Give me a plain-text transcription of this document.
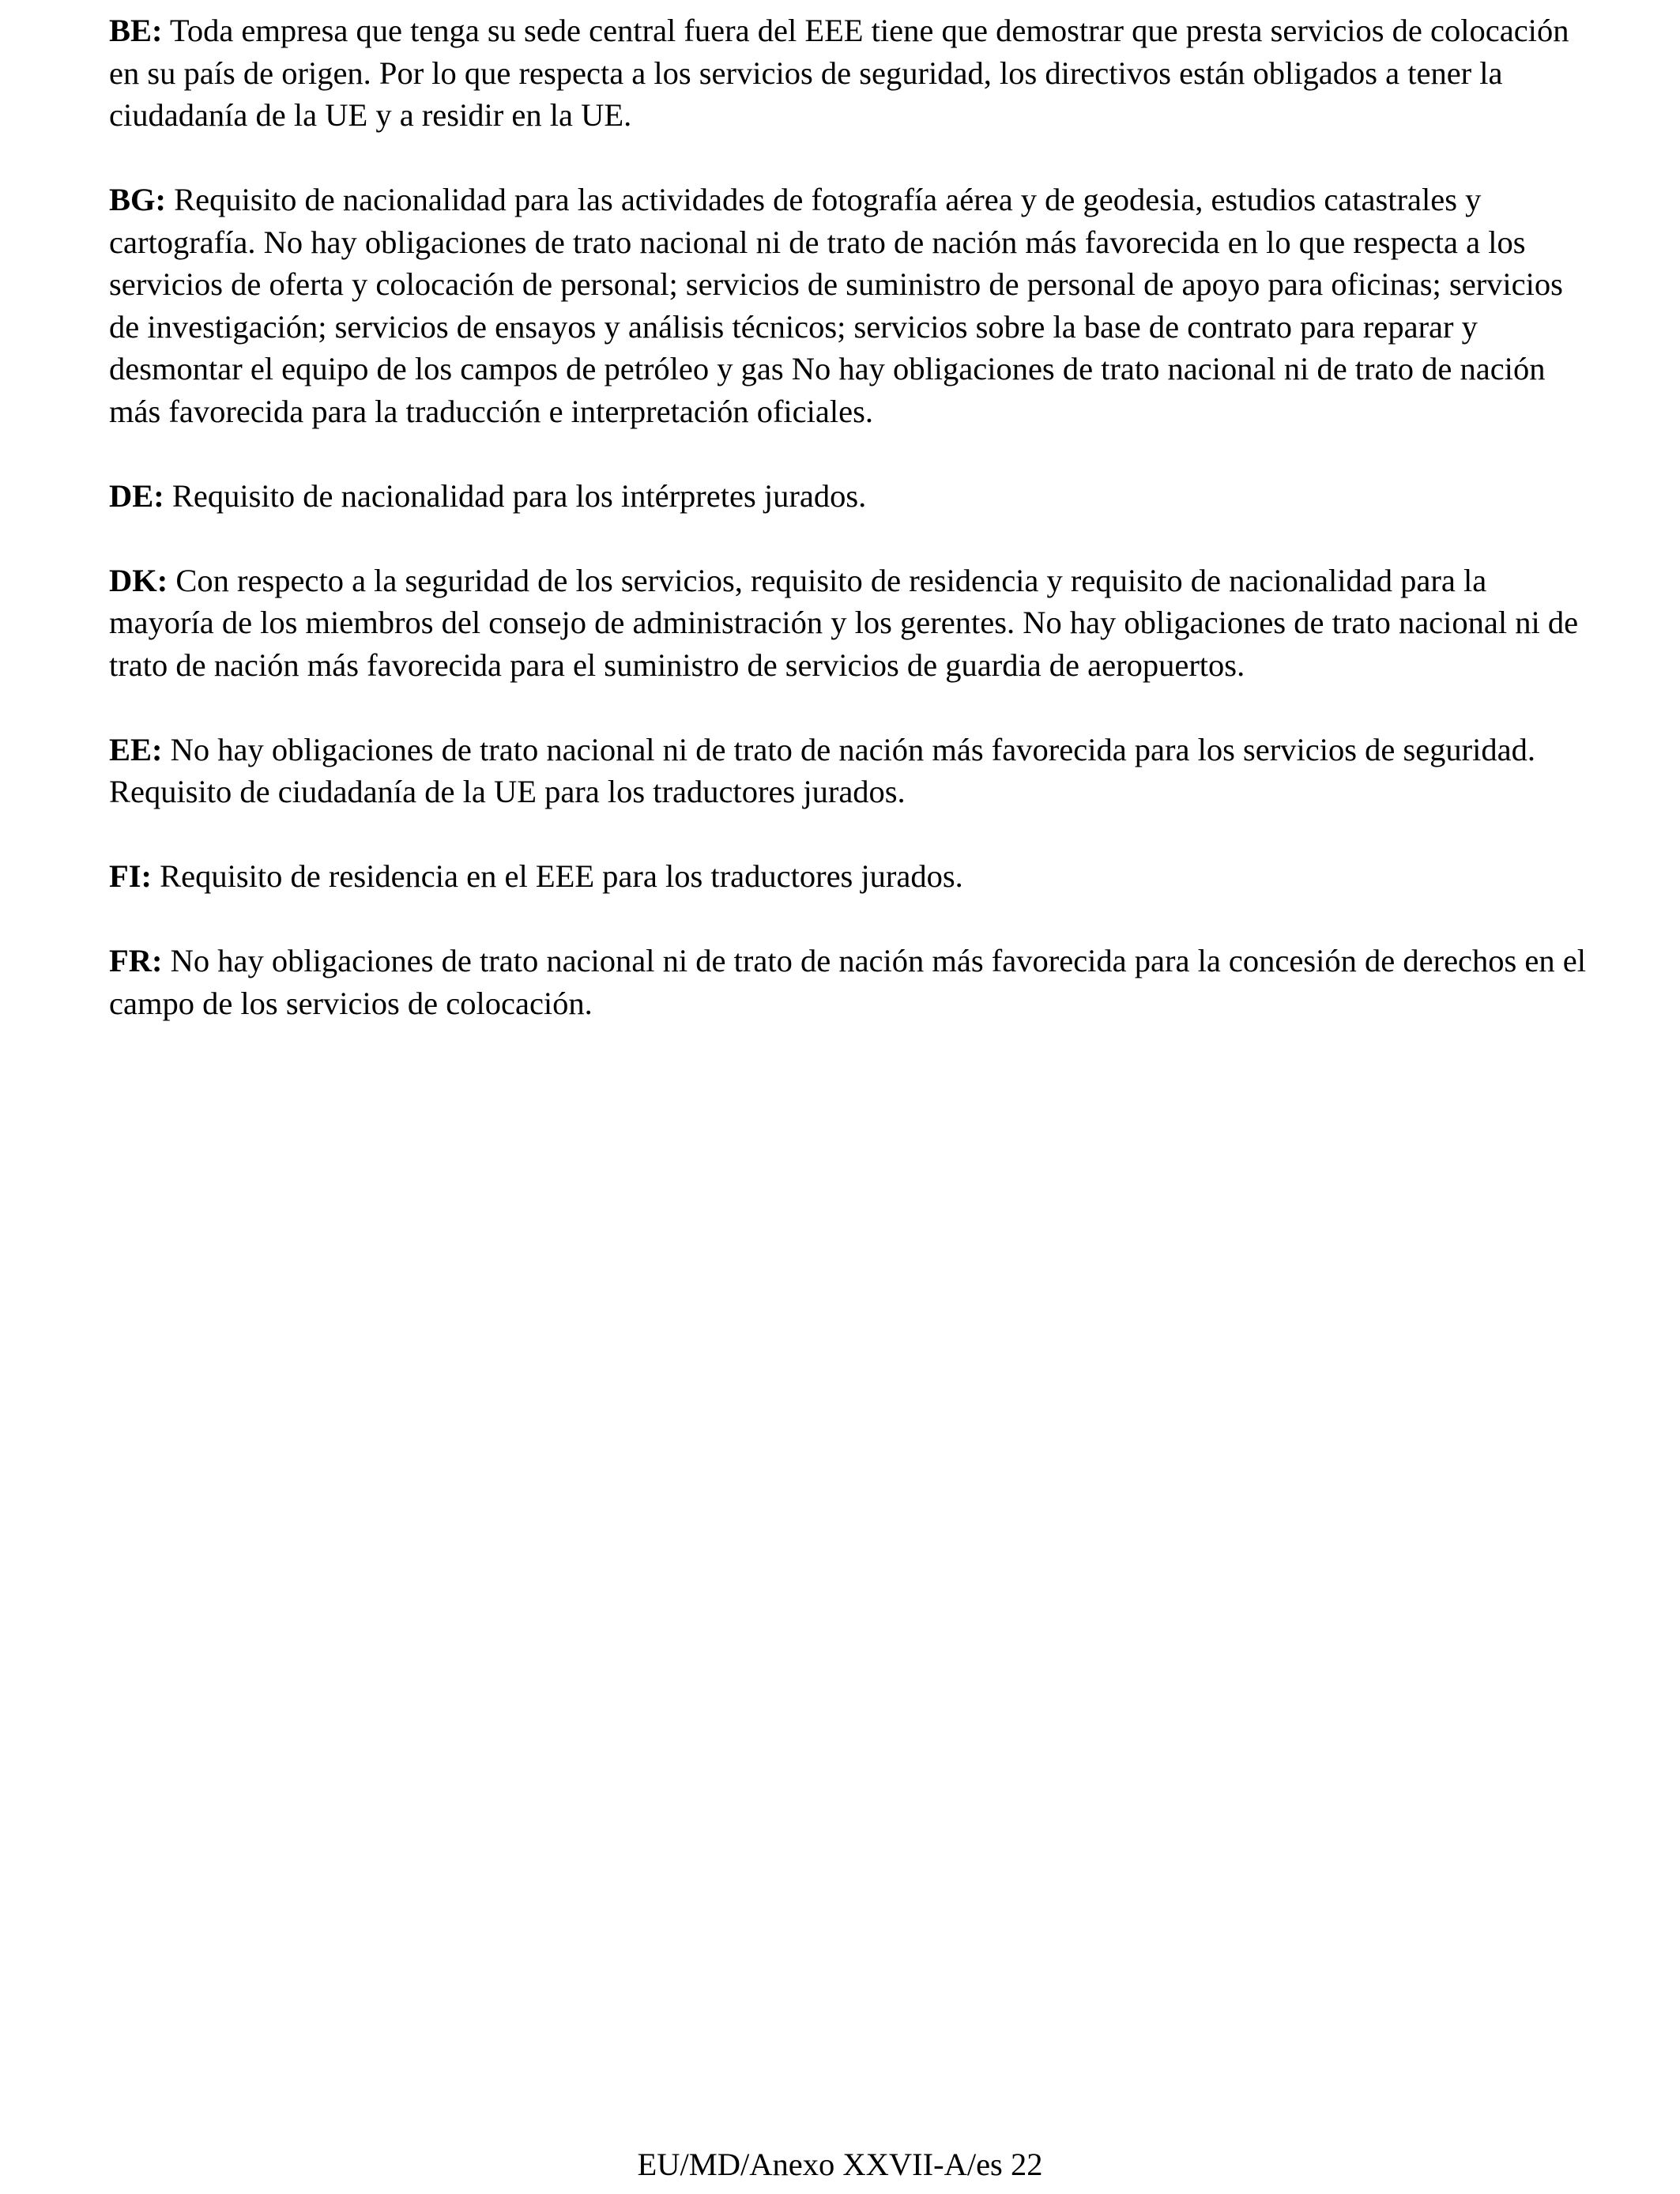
BE: Toda empresa que tenga su sede central fuera del EEE tiene que demostrar que presta servicios de colocación en su país de origen. Por lo que respecta a los servicios de seguridad, los directivos están obligados a tener la ciudadanía de la UE y a residir en la UE.

BG: Requisito de nacionalidad para las actividades de fotografía aérea y de geodesia, estudios catastrales y cartografía. No hay obligaciones de trato nacional ni de trato de nación más favorecida en lo que respecta a los servicios de oferta y colocación de personal; servicios de suministro de personal de apoyo para oficinas; servicios de investigación; servicios de ensayos y análisis técnicos; servicios sobre la base de contrato para reparar y desmontar el equipo de los campos de petróleo y gas No hay obligaciones de trato nacional ni de trato de nación más favorecida para la traducción e interpretación oficiales.

DE: Requisito de nacionalidad para los intérpretes jurados.

DK: Con respecto a la seguridad de los servicios, requisito de residencia y requisito de nacionalidad para la mayoría de los miembros del consejo de administración y los gerentes. No hay obligaciones de trato nacional ni de trato de nación más favorecida para el suministro de servicios de guardia de aeropuertos.

EE: No hay obligaciones de trato nacional ni de trato de nación más favorecida para los servicios de seguridad. Requisito de ciudadanía de la UE para los traductores jurados.

FI: Requisito de residencia en el EEE para los traductores jurados.

FR: No hay obligaciones de trato nacional ni de trato de nación más favorecida para la concesión de derechos en el campo de los servicios de colocación.

EU/MD/Anexo XXVII-A/es 22
